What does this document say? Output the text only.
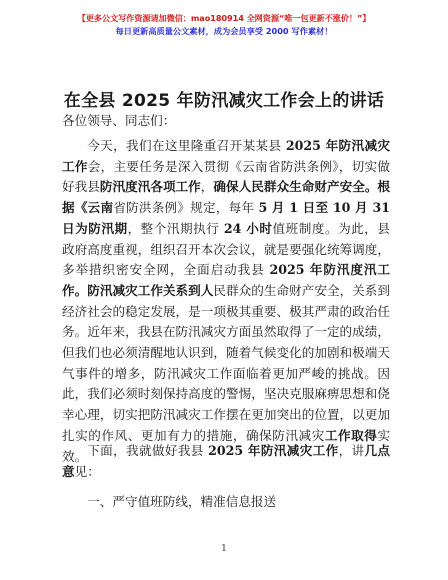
【更多公文写作资源请加微信：mao180914 全网资源“唯一包更新不涨价！”】
每日更新高质量公文素材，成为会员享受 2000 写作素材！
在全县 2025 年防汛减灾工作会上的讲话
各位领导、同志们：
今天，我们在这里隆重召开某某县 2025 年防汛减灾工作会，主要任务是深入贯彻《云南省防洪条例》，切实做好我县防汛度汛各项工作，确保人民群众生命财产安全。根据《云南省防洪条例》规定，每年 5 月 1 日至 10 月 31 日为防汛期，整个汛期执行 24 小时值班制度。为此，县政府高度重视，组织召开本次会议，就是要强化统筹调度，多举措织密安全网，全面启动我县 2025 年防汛度汛工作。防汛减灾工作关系到人民群众的生命财产安全，关系到经济社会的稳定发展，是一项极其重要、极其严肃的政治任务。近年来，我县在防汛减灾方面虽然取得了一定的成绩，但我们也必须清醒地认识到，随着气候变化的加剧和极端天气事件的增多，防汛减灾工作面临着更加严峻的挑战。因此，我们必须时刻保持高度的警惕，坚决克服麻痹思想和侥幸心理，切实把防汛减灾工作摆在更加突出的位置，以更加扎实的作风、更加有力的措施，确保防汛减灾工作取得实效。 下面，我就做好我县 2025 年防汛减灾工作，讲几点意见：
一、严守值班防线，精准信息报送
1
